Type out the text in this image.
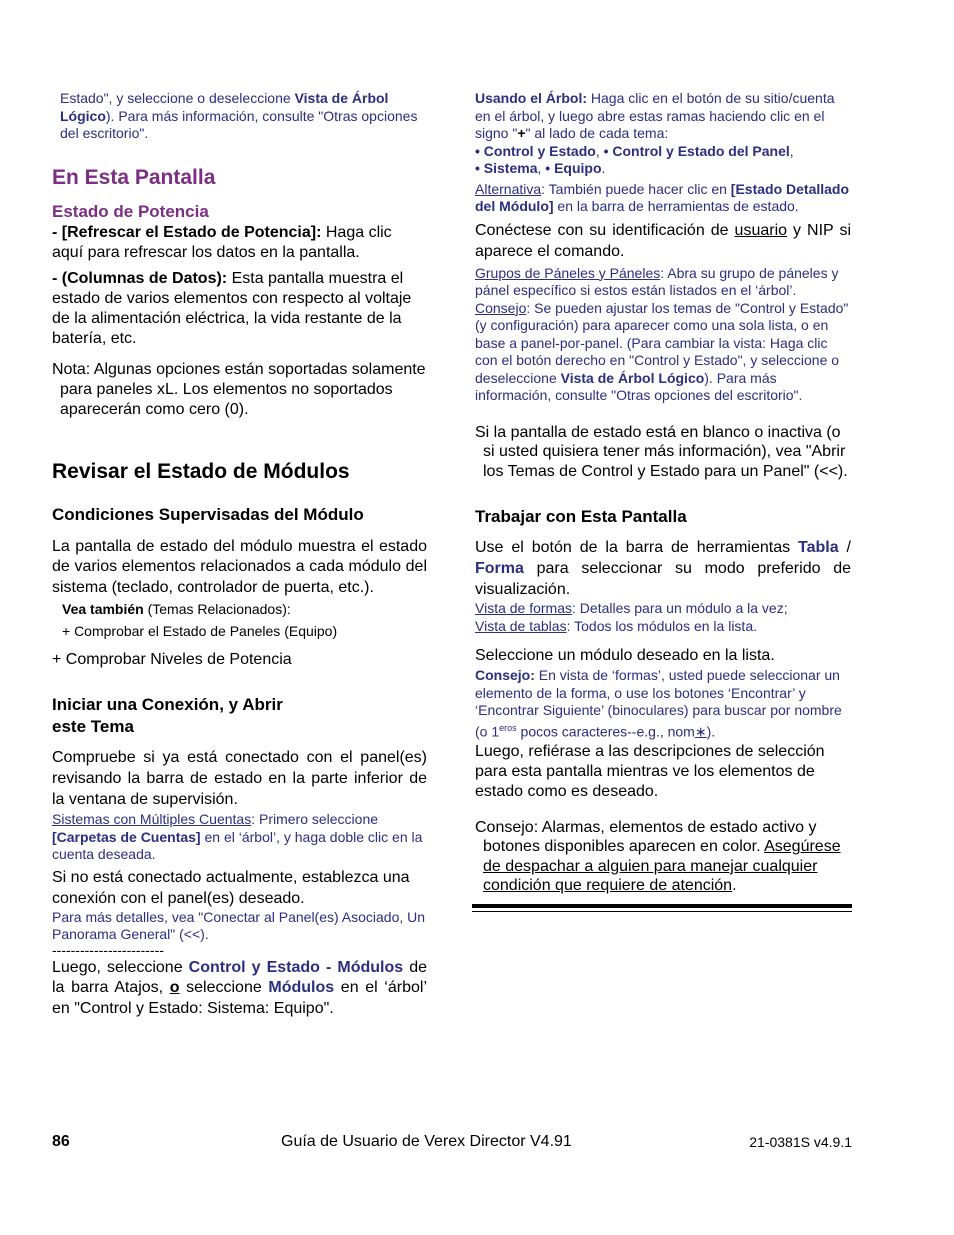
Estado", y seleccione o deseleccione Vista de Árbol Lógico). Para más información, consulte "Otras opciones del escritorio".

En Esta Pantalla
Estado de Potencia

- [Refrescar el Estado de Potencia]: Haga clic aquí para refrescar los datos en la pantalla.

- (Columnas de Datos): Esta pantalla muestra el estado de varios elementos con respecto al voltaje de la alimentación eléctrica, la vida restante de la batería, etc.

Nota: Algunas opciones están soportadas solamente para paneles xL. Los elementos no soportados aparecerán como cero (0).

Revisar el Estado de Módulos
Condiciones Supervisadas del Módulo

La pantalla de estado del módulo muestra el estado de varios elementos relacionados a cada módulo del sistema (teclado, controlador de puerta, etc.).

Vea también (Temas Relacionados):

+ Comprobar el Estado de Paneles (Equipo)

+ Comprobar Niveles de Potencia

Iniciar una Conexión, y Abrir
este Tema

Compruebe si ya está conectado con el panel(es) revisando la barra de estado en la parte inferior de la ventana de supervisión.

Sistemas con Múltiples Cuentas: Primero seleccione [Carpetas de Cuentas] en el ‘árbol’, y haga doble clic en la cuenta deseada.

Si no está conectado actualmente, establezca una conexión con el panel(es) deseado.

Para más detalles, vea "Conectar al Panel(es) Asociado, Un Panorama General" (<<).

------------------------

Luego, seleccione Control y Estado - Módulos de la barra Atajos, o seleccione Módulos en el ‘árbol’ en "Control y Estado: Sistema: Equipo".

Usando el Árbol: Haga clic en el botón de su sitio/cuenta en el árbol, y luego abre estas ramas haciendo clic en el signo "+" al lado de cada tema:

• Control y Estado, • Control y Estado del Panel,
• Sistema, • Equipo.

Alternativa: También puede hacer clic en [Estado Detallado del Módulo] en la barra de herramientas de estado.

Conéctese con su identificación de usuario y NIP si aparece el comando.

Grupos de Páneles y Páneles: Abra su grupo de páneles y pánel específico si estos están listados en el ‘árbol’. Consejo: Se pueden ajustar los temas de "Control y Estado" (y configuración) para aparecer como una sola lista, o en base a panel-por-panel. (Para cambiar la vista: Haga clic con el botón derecho en "Control y Estado", y seleccione o deseleccione Vista de Árbol Lógico). Para más información, consulte "Otras opciones del escritorio".

Si la pantalla de estado está en blanco o inactiva (o si usted quisiera tener más información), vea "Abrir los Temas de Control y Estado para un Panel" (<<).

Trabajar con Esta Pantalla

Use el botón de la barra de herramientas Tabla / Forma para seleccionar su modo preferido de visualización.

Vista de formas: Detalles para un módulo a la vez;
Vista de tablas: Todos los módulos en la lista.

Seleccione un módulo deseado en la lista.

Consejo: En vista de ‘formas’, usted puede seleccionar un elemento de la forma, o use los botones ‘Encontrar’ y ‘Encontrar Siguiente’ (binoculares) para buscar por nombre (o $1^{eros}$ pocos caracteres--e.g., nom∗).

Luego, refiérase a las descripciones de selección para esta pantalla mientras ve los elementos de estado como es deseado.

Consejo: Alarmas, elementos de estado activo y botones disponibles aparecen en color. Asegúrese de despachar a alguien para manejar cualquier condición que requiere de atención.

86	Guía de Usuario de Verex Director V4.91	21-0381S v4.9.1
